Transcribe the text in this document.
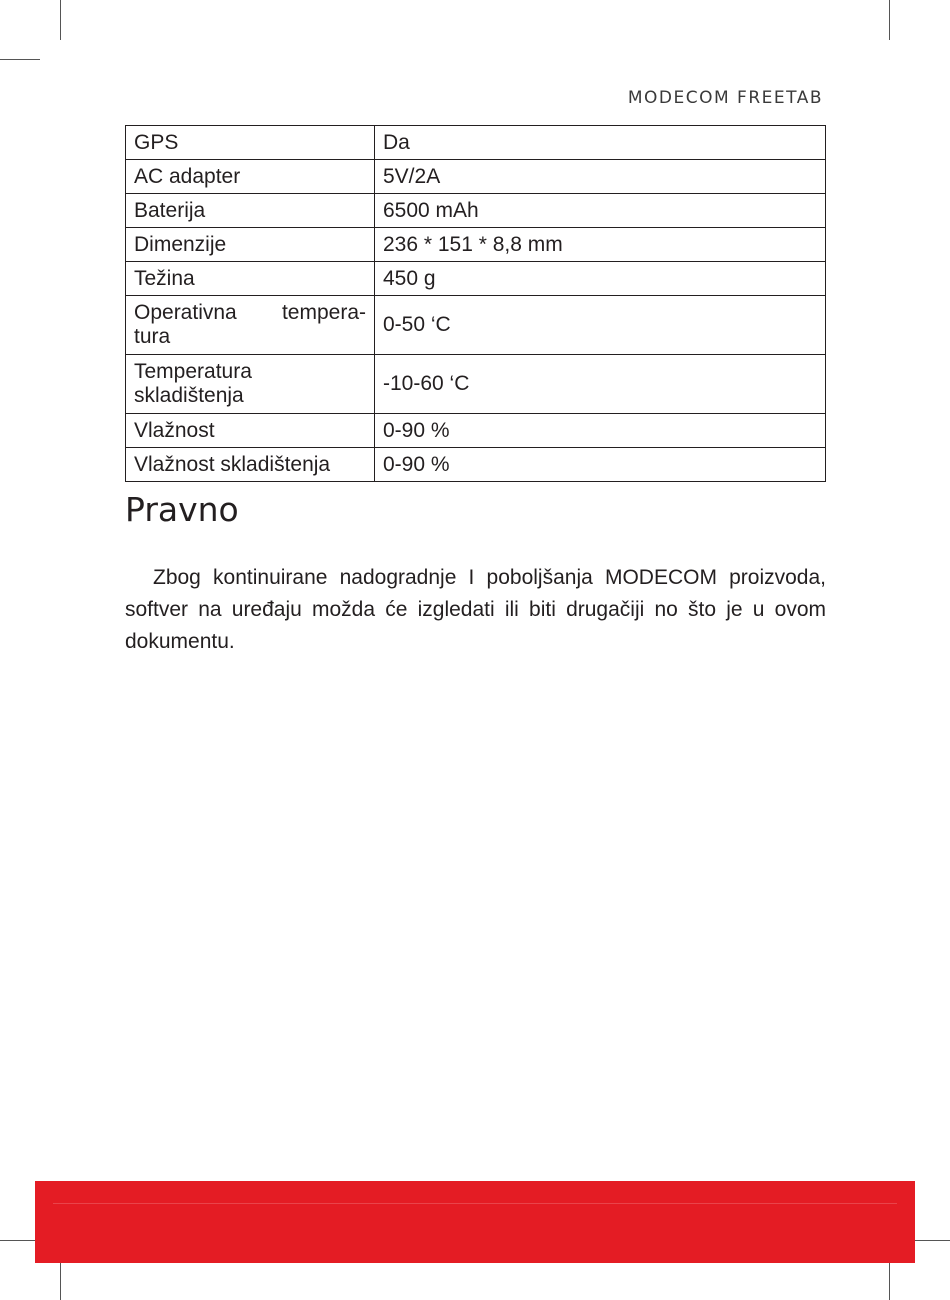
MODECOM FREETAB
GPS	Da
AC adapter	5V/2A
Baterija	6500 mAh
Dimenzije	236 * 151 * 8,8 mm
Težina	450 g

Operativna tempera-
tura	0-50 ‘C

Temperatura
skladištenja	-10-60 ‘C
Vlažnost	0-90 %
Vlažnost skladištenja	0-90 %
Pravno

Zbog kontinuirane nadogradnje I poboljšanja MODECOM proizvoda, softver na uređaju možda će izgledati ili biti drugačiji no što je u ovom dokumentu.
